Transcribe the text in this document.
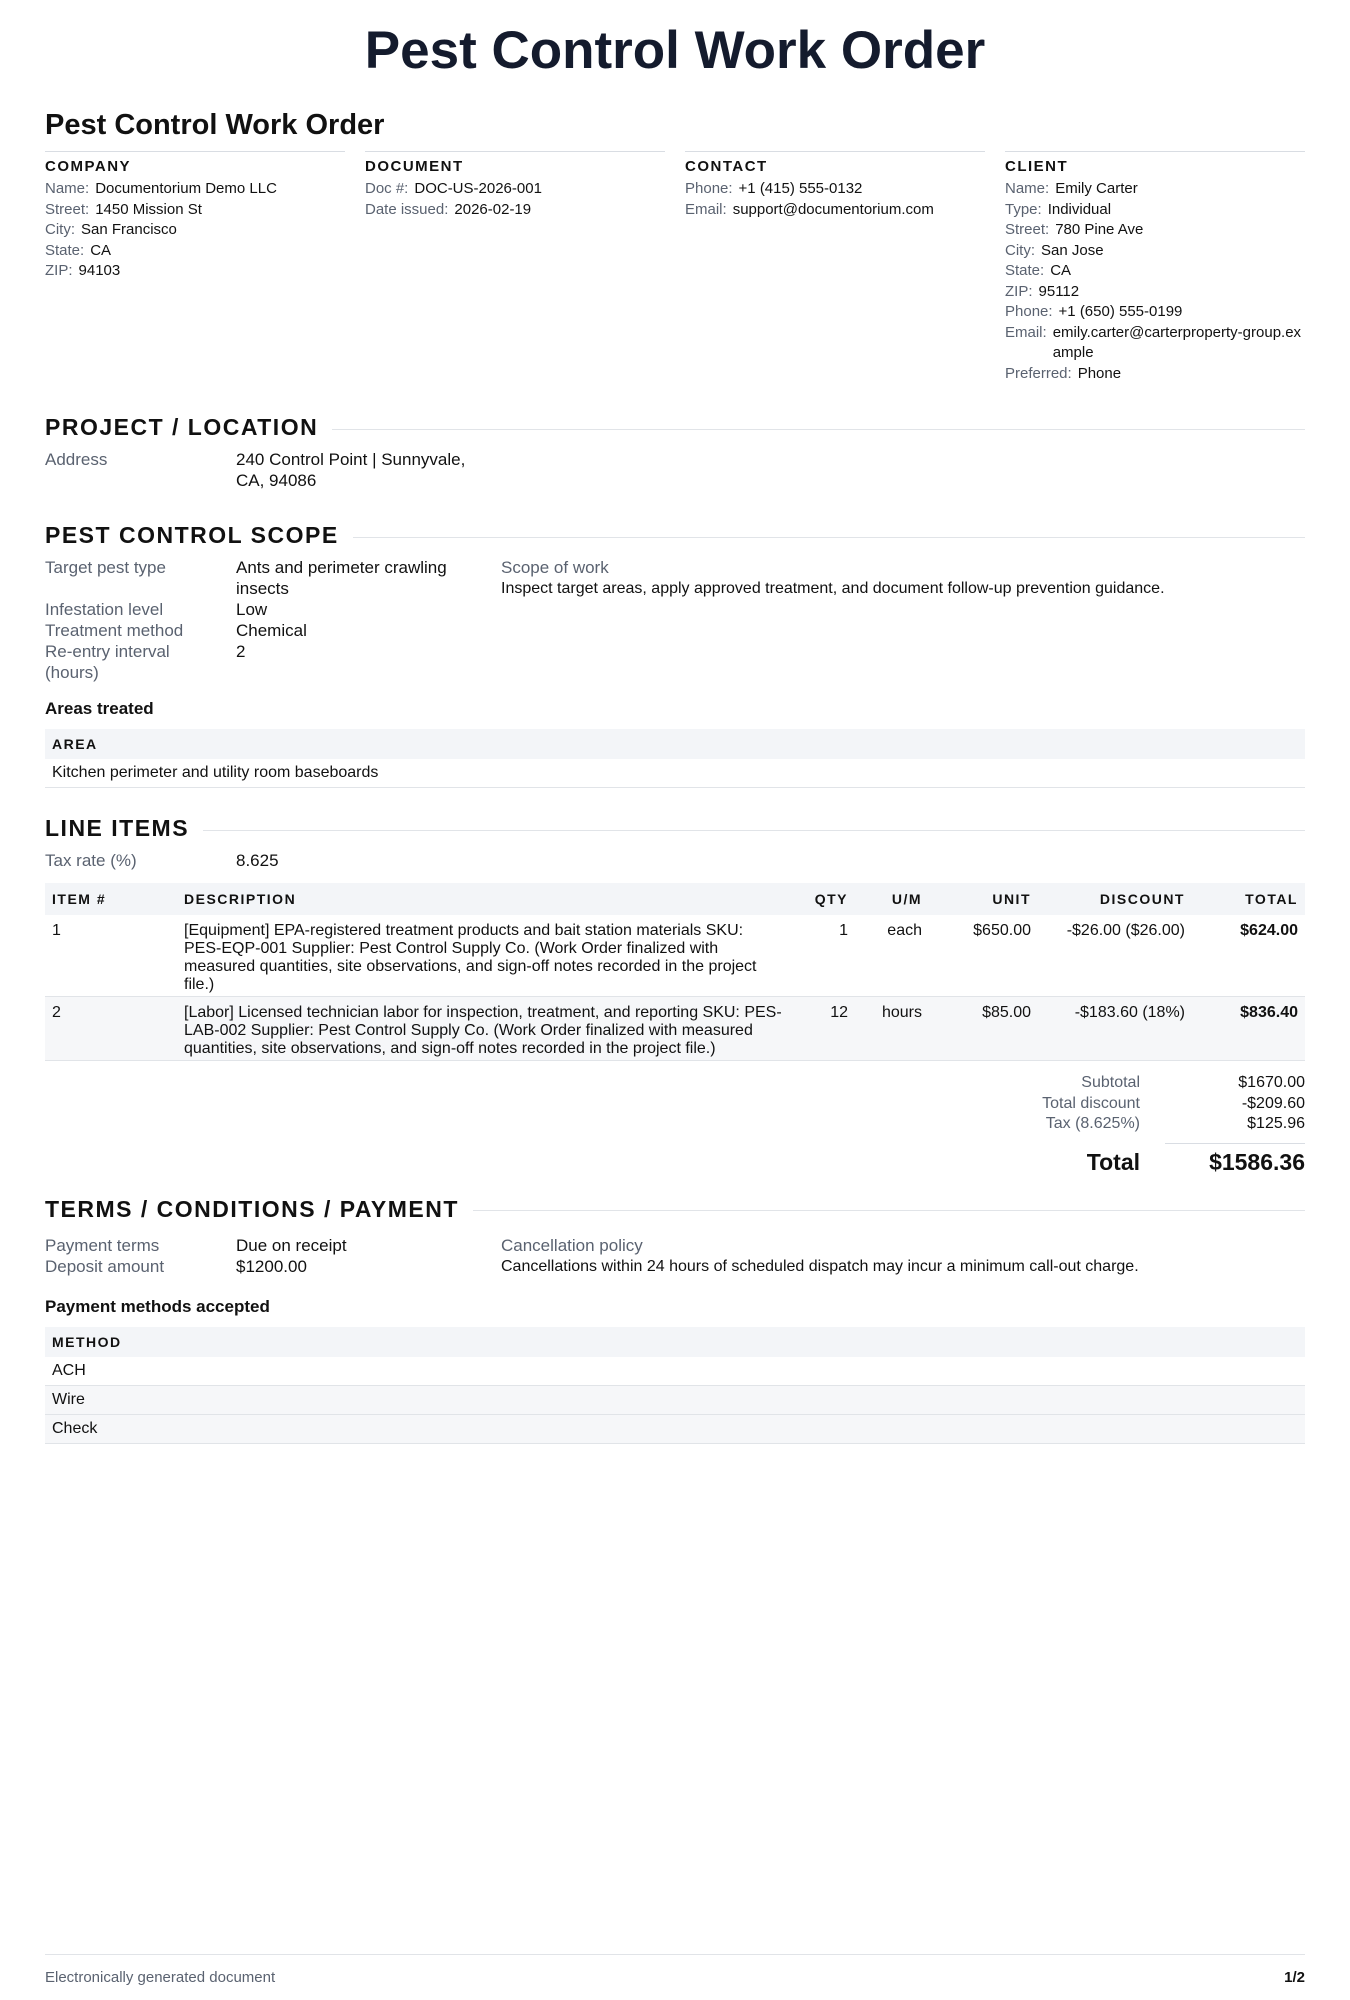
Pest Control Work Order
Pest Control Work Order
COMPANY
Name: Documentorium Demo LLC
Street: 1450 Mission St
City: San Francisco
State: CA
ZIP: 94103
DOCUMENT
Doc #: DOC-US-2026-001
Date issued: 2026-02-19
CONTACT
Phone: +1 (415) 555-0132
Email: support@documentorium.com
CLIENT
Name: Emily Carter
Type: Individual
Street: 780 Pine Ave
City: San Jose
State: CA
ZIP: 95112
Phone: +1 (650) 555-0199
Email: emily.carter@carterproperty-group.example
Preferred: Phone
PROJECT / LOCATION
Address	240 Control Point | Sunnyvale, CA, 94086
PEST CONTROL SCOPE
Target pest type	Ants and perimeter crawling insects
Infestation level	Low
Treatment method	Chemical
Re-entry interval (hours)
2
Scope of work
Inspect target areas, apply approved treatment, and document follow-up prevention guidance.
Areas treated
AREA
Kitchen perimeter and utility room baseboards
LINE ITEMS
Tax rate (%)	8.625
ITEM #	DESCRIPTION	QTY	U/M	UNIT	DISCOUNT	TOTAL
1	[Equipment] EPA-registered treatment products and bait station materials SKU: PES-EQP-001 Supplier: Pest Control Supply Co. (Work Order finalized with measured quantities, site observations, and sign-off notes recorded in the project file.)	1	each	$650.00	-$26.00 ($26.00)	$624.00
2	[Labor] Licensed technician labor for inspection, treatment, and reporting SKU: PES-LAB-002 Supplier: Pest Control Supply Co. (Work Order finalized with measured quantities, site observations, and sign-off notes recorded in the project file.)	12	hours	$85.00	-$183.60 (18%)	$836.40
Subtotal	$1670.00
Total discount	-$209.60
Tax (8.625%)	$125.96
Total	$1586.36
TERMS / CONDITIONS / PAYMENT
Payment terms	Due on receipt
Deposit amount	$1200.00
Cancellation policy
Cancellations within 24 hours of scheduled dispatch may incur a minimum call-out charge.
Payment methods accepted
METHOD
ACH
Wire
Check
Electronically generated document	1/2
